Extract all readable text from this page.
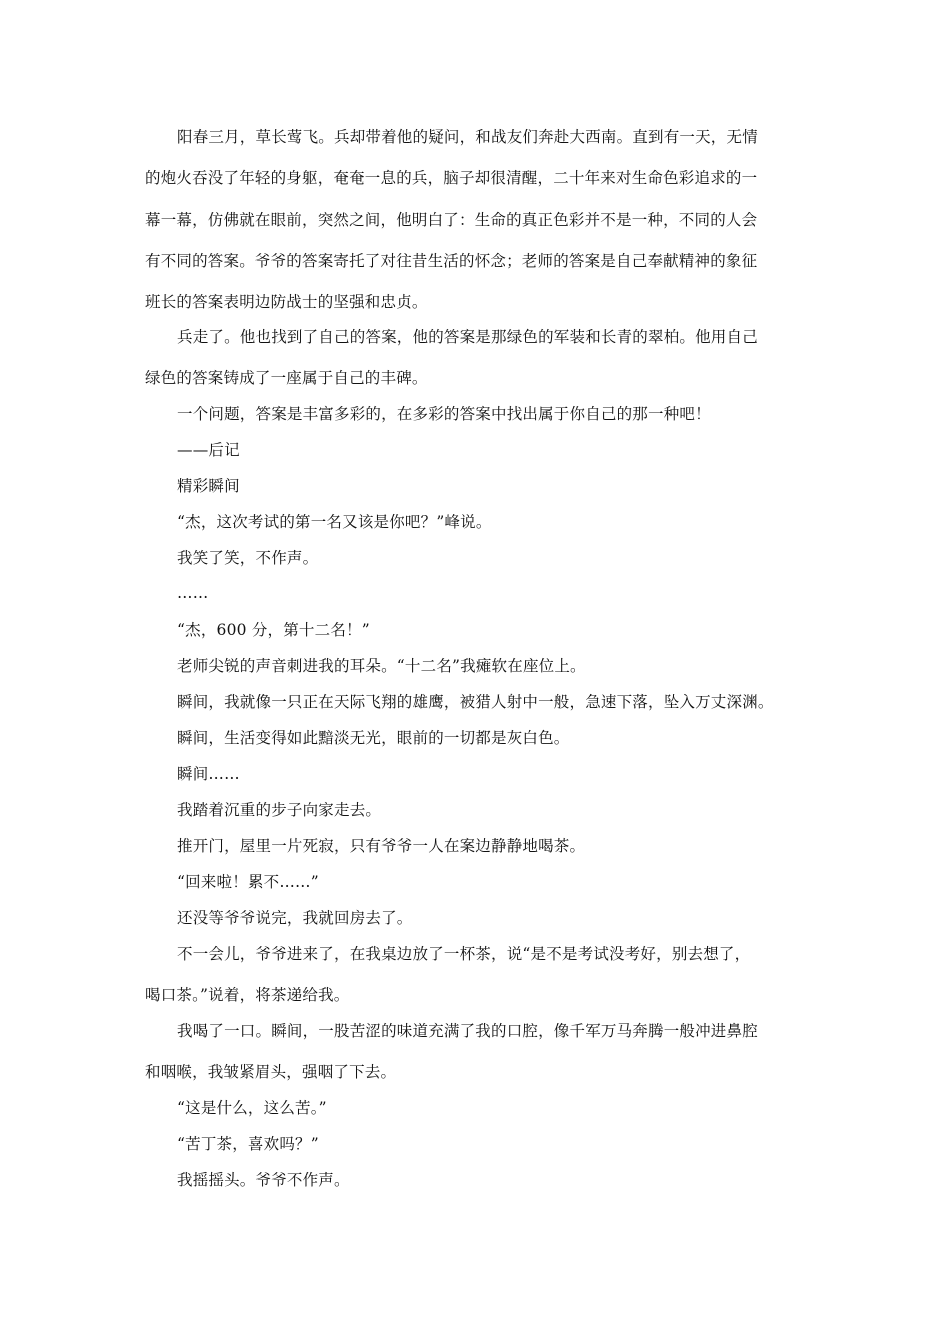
阳春三月，草长莺飞。兵却带着他的疑问，和战友们奔赴大西南。直到有一天，无情
的炮火吞没了年轻的身躯，奄奄一息的兵，脑子却很清醒，二十年来对生命色彩追求的一
幕一幕，仿佛就在眼前，突然之间，他明白了：生命的真正色彩并不是一种，不同的人会
有不同的答案。爷爷的答案寄托了对往昔生活的怀念；老师的答案是自己奉献精神的象征
班长的答案表明边防战士的坚强和忠贞。
兵走了。他也找到了自己的答案，他的答案是那绿色的军装和长青的翠柏。他用自己
绿色的答案铸成了一座属于自己的丰碑。
一个问题，答案是丰富多彩的，在多彩的答案中找出属于你自己的那一种吧！
——后记
精彩瞬间
“杰，这次考试的第一名又该是你吧？”峰说。
我笑了笑，不作声。
……
“杰，600 分，第十二名！”
老师尖锐的声音刺进我的耳朵。“十二名”我瘫软在座位上。
瞬间，我就像一只正在天际飞翔的雄鹰，被猎人射中一般，急速下落，坠入万丈深渊。
瞬间，生活变得如此黯淡无光，眼前的一切都是灰白色。
瞬间……
我踏着沉重的步子向家走去。
推开门，屋里一片死寂，只有爷爷一人在案边静静地喝茶。
“回来啦！累不……”
还没等爷爷说完，我就回房去了。
不一会儿，爷爷进来了，在我桌边放了一杯茶，说“是不是考试没考好，别去想了，
喝口茶。”说着，将茶递给我。
我喝了一口。瞬间，一股苦涩的味道充满了我的口腔，像千军万马奔腾一般冲进鼻腔
和咽喉，我皱紧眉头，强咽了下去。
“这是什么，这么苦。”
“苦丁茶，喜欢吗？”
我摇摇头。爷爷不作声。
